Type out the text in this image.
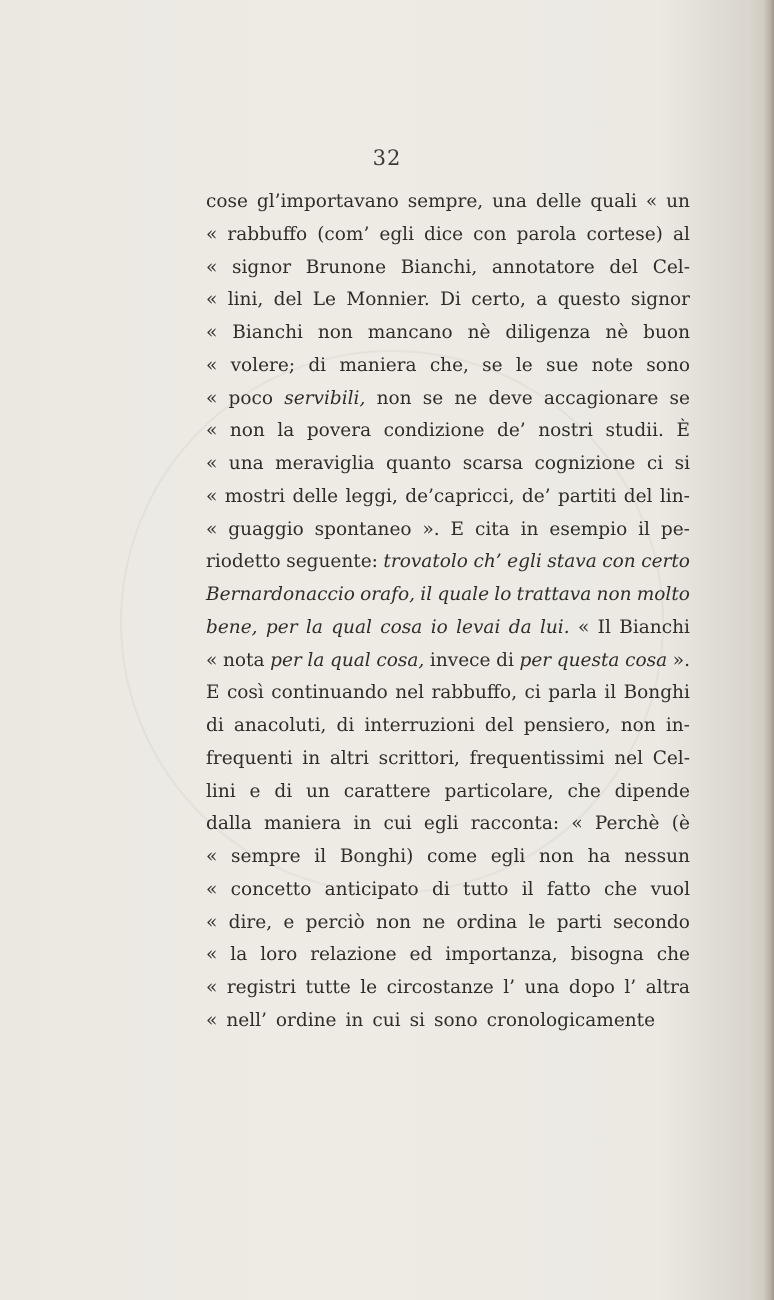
32
cose gl’importavano sempre, una delle quali « un
« rabbuffo (com’ egli dice con parola cortese) al
« signor Brunone Bianchi, annotatore del Cel-
« lini, del Le Monnier. Di certo, a questo signor
« Bianchi non mancano nè diligenza nè buon
« volere; di maniera che, se le sue note sono
« poco servibili, non se ne deve accagionare se
« non la povera condizione de’ nostri studii. È
« una meraviglia quanto scarsa cognizione ci si
« mostri delle leggi, de’capricci, de’ partiti del lin-
« guaggio spontaneo ». E cita in esempio il pe-
riodetto seguente: trovatolo ch’ egli stava con certo
Bernardonaccio orafo, il quale lo trattava non molto
bene, per la qual cosa io levai da lui. « Il Bianchi
« nota per la qual cosa, invece di per questa cosa ».
E così continuando nel rabbuffo, ci parla il Bonghi
di anacoluti, di interruzioni del pensiero, non in-
frequenti in altri scrittori, frequentissimi nel Cel-
lini e di un carattere particolare, che dipende
dalla maniera in cui egli racconta: « Perchè (è
« sempre il Bonghi) come egli non ha nessun
« concetto anticipato di tutto il fatto che vuol
« dire, e perciò non ne ordina le parti secondo
« la loro relazione ed importanza, bisogna che
« registri tutte le circostanze l’ una dopo l’ altra
« nell’ ordine in cui si sono cronologicamente
